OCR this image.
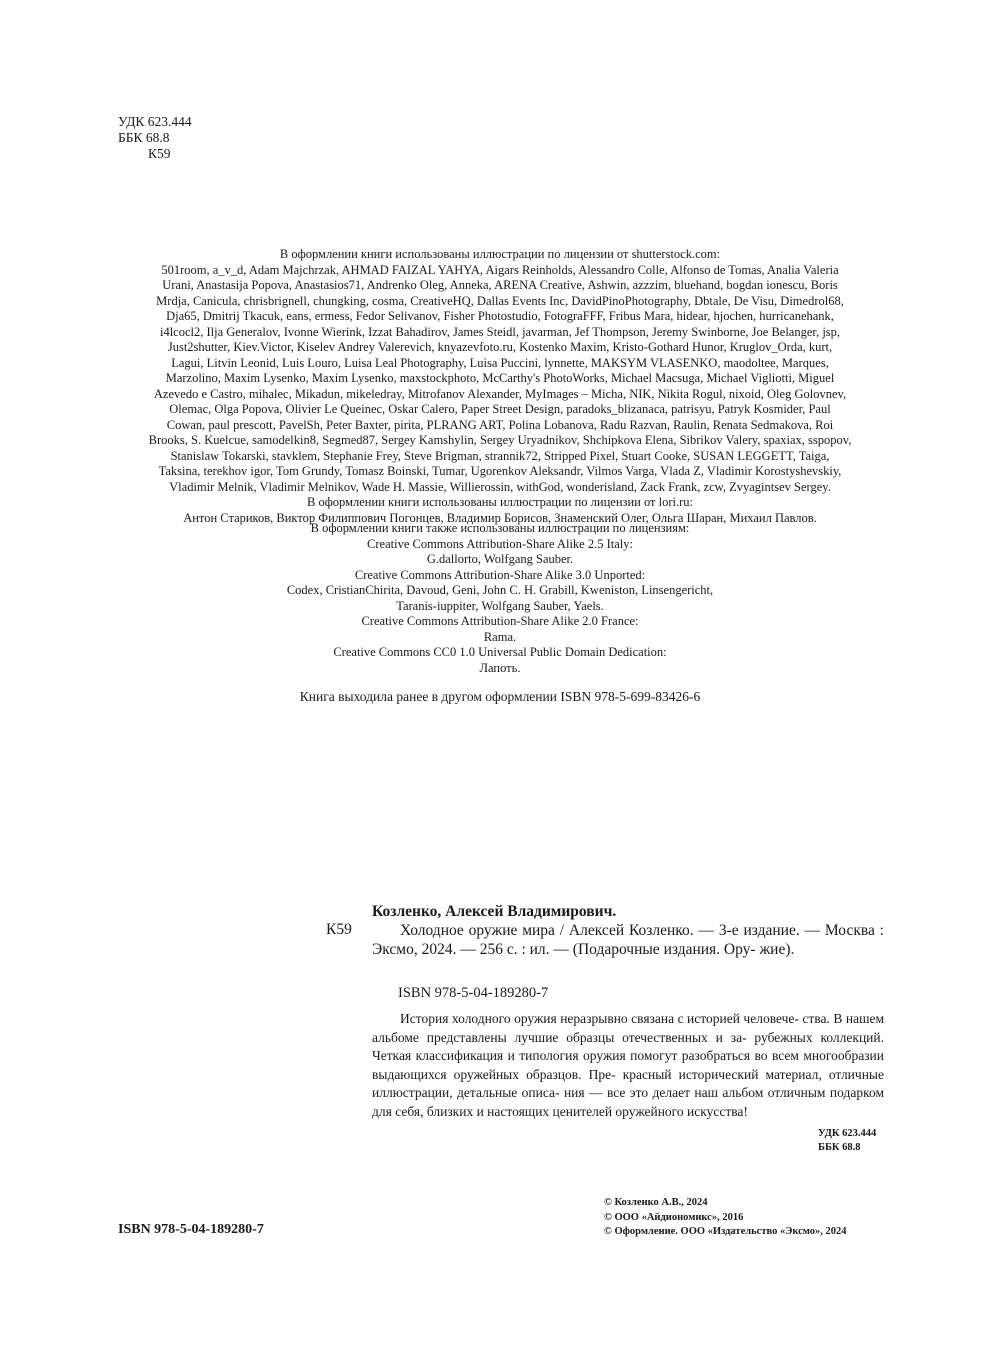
УДК 623.444
ББК 68.8
К59

В оформлении книги использованы иллюстрации по лицензии от shutterstock.com:

501room, a_v_d, Adam Majchrzak, AHMAD FAIZAL YAHYA, Aigars Reinholds, Alessandro Colle, Alfonso de Tomas, Analia Valeria

Urani, Anastasija Popova, Anastasios71, Andrenko Oleg, Anneka, ARENA Creative, Ashwin, azzzim, bluehand, bogdan ionescu, Boris

Mrdja, Canicula, chrisbrignell, chungking, cosma, CreativeHQ, Dallas Events Inc, DavidPinoPhotography, Dbtale, De Visu, Dimedrol68,

Dja65, Dmitrij Tkacuk, eans, ermess, Fedor Selivanov, Fisher Photostudio, FotograFFF, Fribus Mara, hidear, hjochen, hurricanehank,

i4lcocl2, Ilja Generalov, Ivonne Wierink, Izzat Bahadirov, James Steidl, javarman, Jef Thompson, Jeremy Swinborne, Joe Belanger, jsp,

Just2shutter, Kiev.Victor, Kiselev Andrey Valerevich, knyazevfoto.ru, Kostenko Maxim, Kristo-Gothard Hunor, Kruglov_Orda, kurt,

Lagui, Litvin Leonid, Luis Louro, Luisa Leal Photography, Luisa Puccini, lynnette, MAKSYM VLASENKO, maodoltee, Marques,

Marzolino, Maxim Lysenko, Maxim Lysenko, maxstockphoto, McCarthy's PhotoWorks, Michael Macsuga, Michael Vigliotti, Miguel

Azevedo e Castro, mihalec, Mikadun, mikeledray, Mitrofanov Alexander, MyImages – Micha, NIK, Nikita Rogul, nixoid, Oleg Golovnev,

Olemac, Olga Popova, Olivier Le Queinec, Oskar Calero, Paper Street Design, paradoks_blizanaca, patrisyu, Patryk Kosmider, Paul

Cowan, paul prescott, PavelSh, Peter Baxter, pirita, PLRANG ART, Polina Lobanova, Radu Razvan, Raulin, Renata Sedmakova, Roi

Brooks, S. Kuelcue, samodelkin8, Segmed87, Sergey Kamshylin, Sergey Uryadnikov, Shchipkova Elena, Sibrikov Valery, spaxiax, sspopov,

Stanislaw Tokarski, stavklem, Stephanie Frey, Steve Brigman, strannik72, Stripped Pixel, Stuart Cooke, SUSAN LEGGETT, Taiga,

Taksina, terekhov igor, Tom Grundy, Tomasz Boinski, Tumar, Ugorenkov Aleksandr, Vilmos Varga, Vlada Z, Vladimir Korostyshevskiy,

Vladimir Melnik, Vladimir Melnikov, Wade H. Massie, Willierossin, withGod, wonderisland, Zack Frank, zcw, Zvyagintsev Sergey.

В оформлении книги использованы иллюстрации по лицензии от lori.ru:

Антон Стариков, Виктор Филиппович Погонцев, Владимир Борисов, Знаменский Олег, Ольга Шаран, Михаил Павлов.

В оформлении книги также использованы иллюстрации по лицензиям:

Creative Commons Attribution-Share Alike 2.5 Italy:

G.dallorto, Wolfgang Sauber.

Creative Commons Attribution-Share Alike 3.0 Unported:

Codex, CristianChirita, Davoud, Geni, John C. H. Grabill, Kweniston, Linsengericht,

Taranis-iuppiter, Wolfgang Sauber, Yaels.

Creative Commons Attribution-Share Alike 2.0 France:

Rama.

Creative Commons CC0 1.0 Universal Public Domain Dedication:

Лапоть.

Книга выходила ранее в другом оформлении ISBN 978-5-699-83426-6
К59
Козленко, Алексей Владимирович.
Холодное оружие мира / Алексей Козленко. — 3-е издание. — Москва : Эксмо, 2024. — 256 с. : ил. — (Подарочные издания. Ору- жие).
ISBN 978-5-04-189280-7
История холодного оружия неразрывно связана с историей человече- ства. В нашем альбоме представлены лучшие образцы отечественных и за- рубежных коллекций. Четкая классификация и типология оружия помогут разобраться во всем многообразии выдающихся оружейных образцов. Пре- красный исторический материал, отличные иллюстрации, детальные описа- ния — все это делает наш альбом отличным подарком для себя, близких и настоящих ценителей оружейного искусства!
УДК 623.444
ББК 68.8
ISBN 978-5-04-189280-7
© Козленко А.В., 2024
© ООО «Айдиономикс», 2016
© Оформление. ООО «Издательство «Эксмо», 2024
